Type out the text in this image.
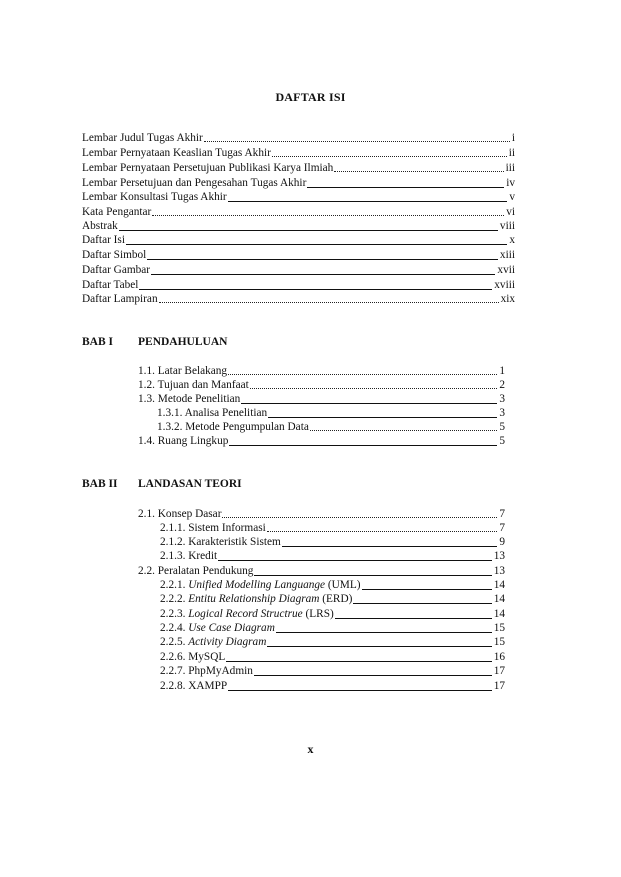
DAFTAR ISI
Lembar Judul Tugas Akhir	i
Lembar Pernyataan Keaslian Tugas Akhir	ii
Lembar Pernyataan Persetujuan Publikasi Karya Ilmiah	iii
Lembar Persetujuan dan Pengesahan Tugas Akhir	iv
Lembar Konsultasi Tugas Akhir	v
Kata Pengantar	vi
Abstrak	viii
Daftar Isi	x
Daftar Simbol	xiii
Daftar Gambar	xvii
Daftar Tabel	xviii
Daftar Lampiran	xix
BAB I PENDAHULUAN
1.1. Latar Belakang	1
1.2. Tujuan dan Manfaat	2
1.3. Metode Penelitian	3
1.3.1. Analisa Penelitian	3
1.3.2. Metode Pengumpulan Data	5
1.4. Ruang Lingkup	5
BAB II LANDASAN TEORI
2.1. Konsep Dasar	7
2.1.1. Sistem Informasi	7
2.1.2. Karakteristik Sistem	9
2.1.3. Kredit	13
2.2. Peralatan Pendukung	13
2.2.1. Unified Modelling Languange (UML)	14
2.2.2. Entitu Relationship Diagram (ERD)	14
2.2.3. Logical Record Structrue (LRS)	14
2.2.4. Use Case Diagram	15
2.2.5. Activity Diagram	15
2.2.6. MySQL	16
2.2.7. PhpMyAdmin	17
2.2.8. XAMPP	17
x
